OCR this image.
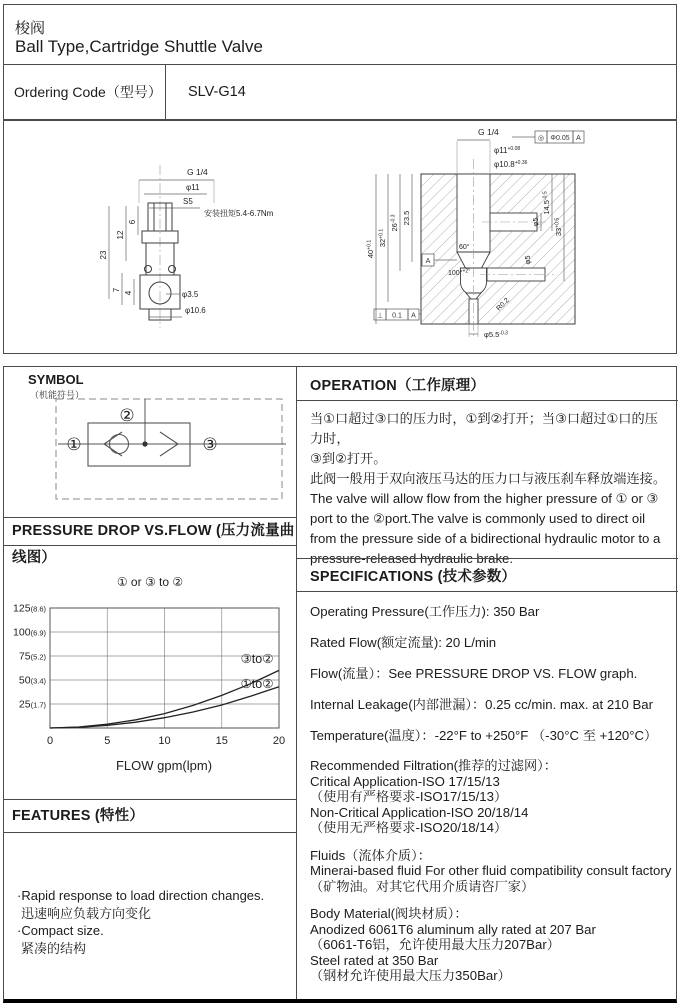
梭阀
Ball Type,Cartridge Shuttle Valve
Ordering Code（型号）	SLV-G14
G 1/4
φ11
S5
安装扭矩5.4-6.7Nm
23
12
6
7
4	φ3.5
φ10.6
G 1/4
◎ Φ0.05 A
$\varphi 11^{+0.08}$
$\varphi 10.8^{+0.36}$
$40^{+0.1}$ $32^{+0.1}$
$26^{-0.3}$ 23.5	φ5
$14.5^{-0.5}$
$33^{+0.5}$
φ5
60°
100°$^{+2^\circ}$
A
R0.2
$\varphi 5.5^{-0.3}$
⊥ 0.1 A
SYMBOL
（机能符号）
①
②
③
PRESSURE DROP VS.FLOW (压力流量曲线图）
25(1.7)
50(3.4)
75(5.2)
100(6.9)
125(8.6)
0	5	10	15	20
① or ③ to ②
③to②
①to②
FLOW gpm(lpm)
FEATURES (特性）
·Rapid response to load direction changes.
迅速响应负载方向变化
·Compact size.
紧凑的结构
OPERATION（工作原理）
当①口超过③口的压力时，①到②打开；当③口超过①口的压力时，
③到②打开。
此阀一般用于双向液压马达的压力口与液压刹车释放端连接。
The valve will allow flow from the higher pressure of ① or ③
port to the ②port.The valve is commonly used to direct oil
from the pressure side of a bidirectional hydraulic motor to a
pressure-released hydraulic brake.
SPECIFICATIONS (技术参数）
Operating Pressure(工作压力): 350 Bar
Rated Flow(额定流量): 20 L/min
Flow(流量）：See PRESSURE DROP VS. FLOW graph.
Internal Leakage(内部泄漏）：0.25 cc/min. max. at 210 Bar
Temperature(温度）：-22°F to +250°F （-30°C 至 +120°C）
Recommended Filtration(推荐的过滤网）：
Critical Application-ISO 17/15/13
（使用有严格要求-ISO17/15/13）
Non-Critical Application-ISO 20/18/14
（使用无严格要求-ISO20/18/14）
Fluids（流体介质）：
Minerai-based fluid For other fluid compatibility consult factory
（矿物油。对其它代用介质请咨厂家）
Body Material(阀块材质）：
Anodized 6061T6 aluminum ally rated at 207 Bar
（6061-T6铝，允许使用最大压力207Bar）
Steel rated at 350 Bar
（钢材允许使用最大压力350Bar）
